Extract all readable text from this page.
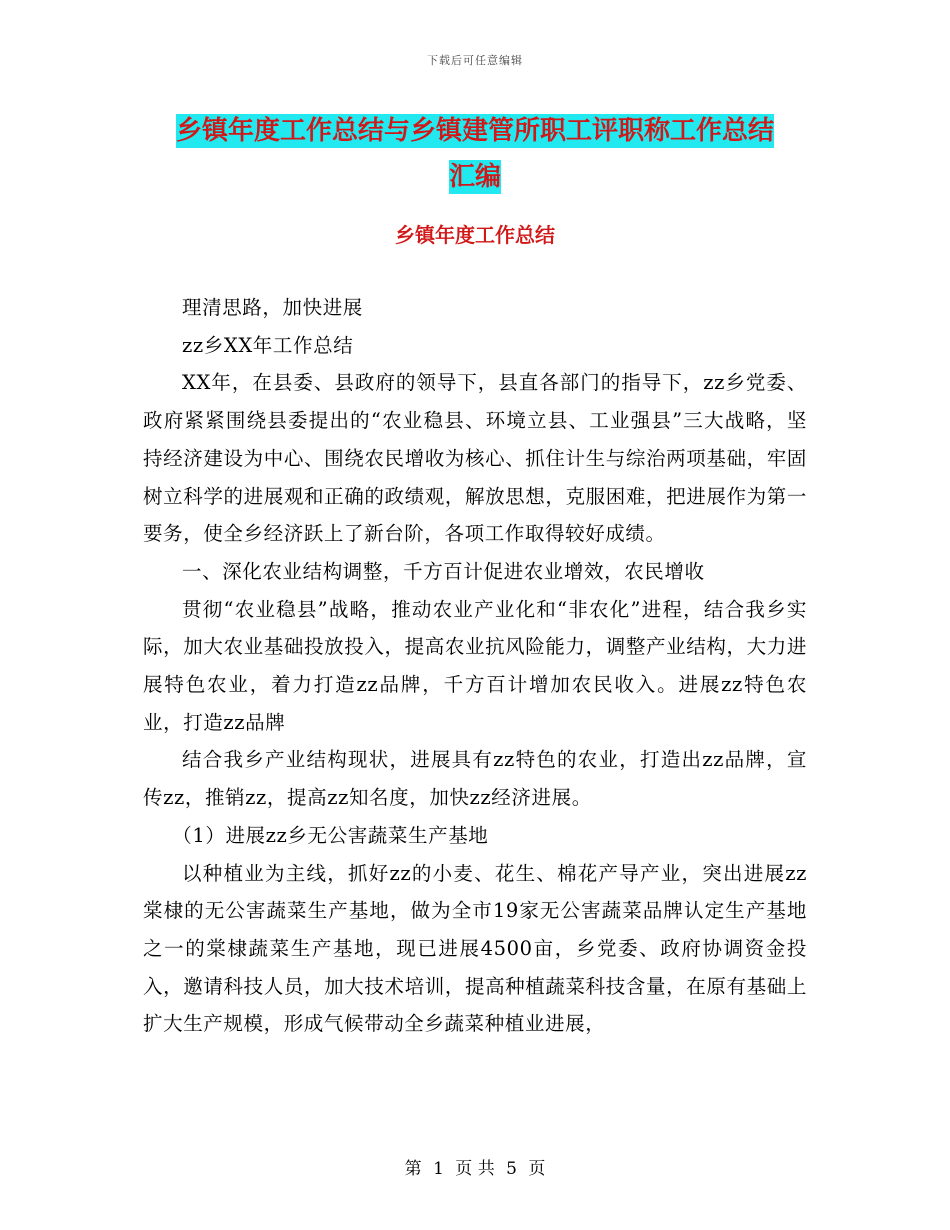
下载后可任意编辑
乡镇年度工作总结与乡镇建管所职工评职称工作总结
汇编
乡镇年度工作总结

理清思路，加快进展

zz乡XX年工作总结

XX年，在县委、县政府的领导下，县直各部门的指导下，zz乡党委、政府紧紧围绕县委提出的“农业稳县、环境立县、工业强县”三大战略，坚持经济建设为中心、围绕农民增收为核心、抓住计生与综治两项基础，牢固树立科学的进展观和正确的政绩观，解放思想，克服困难，把进展作为第一要务，使全乡经济跃上了新台阶，各项工作取得较好成绩。

一、深化农业结构调整，千方百计促进农业增效，农民增收

贯彻“农业稳县”战略，推动农业产业化和“非农化”进程，结合我乡实际，加大农业基础投放投入，提高农业抗风险能力，调整产业结构，大力进展特色农业，着力打造zz品牌，千方百计增加农民收入。进展zz特色农业，打造zz品牌

结合我乡产业结构现状，进展具有zz特色的农业，打造出zz品牌，宣传zz，推销zz，提高zz知名度，加快zz经济进展。

（1）进展zz乡无公害蔬菜生产基地

以种植业为主线，抓好zz的小麦、花生、棉花产导产业，突出进展zz棠棣的无公害蔬菜生产基地，做为全市19家无公害蔬菜品牌认定生产基地之一的棠棣蔬菜生产基地，现已进展4500亩，乡党委、政府协调资金投入，邀请科技人员，加大技术培训，提高种植蔬菜科技含量，在原有基础上扩大生产规模，形成气候带动全乡蔬菜种植业进展，

第 1 页 共 5 页
